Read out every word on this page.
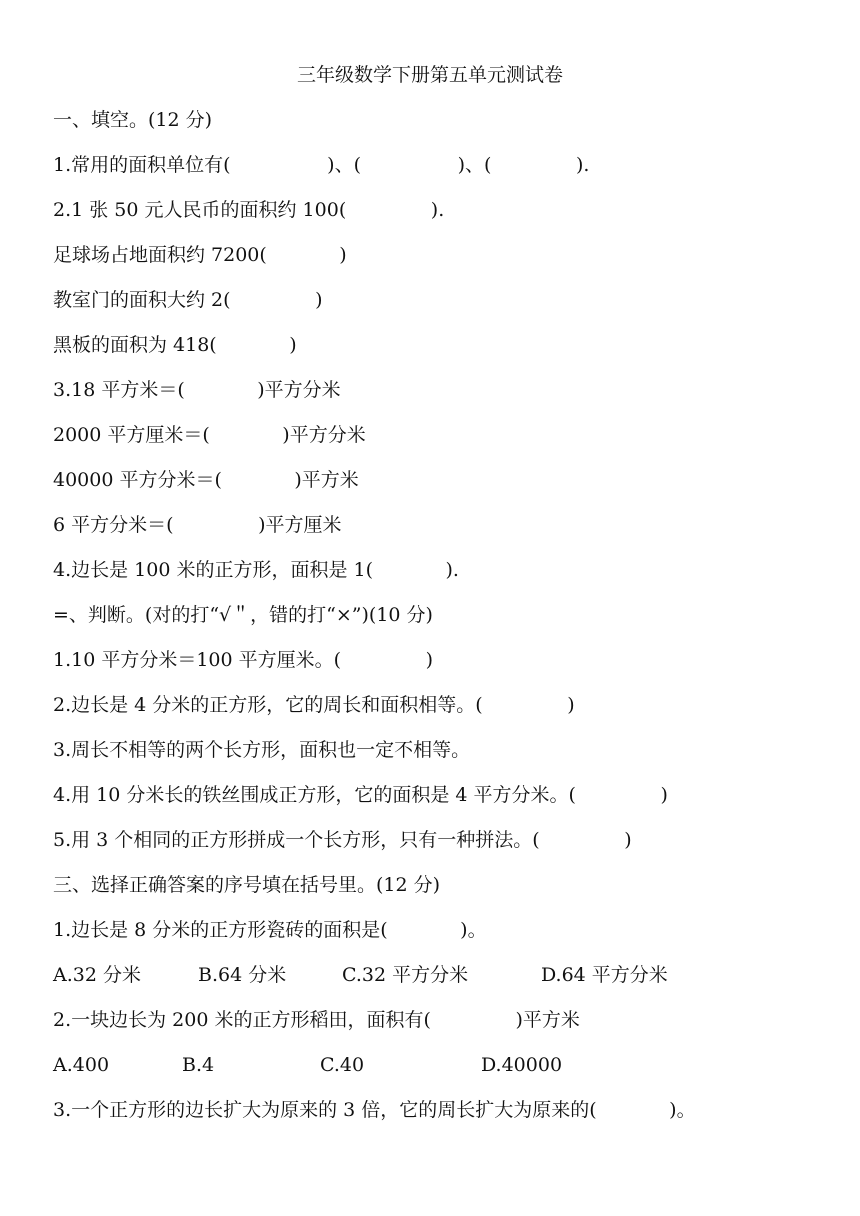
三年级数学下册第五单元测试卷
一、填空。(12 分)
1.常用的面积单位有(                )、(                )、(              ).
2.1 张 50 元人民币的面积约 100(              ).
足球场占地面积约 7200(            )
教室门的面积大约 2(              )
黑板的面积为 418(            )
3.18 平方米＝(            )平方分米
2000 平方厘米＝(            )平方分米
40000 平方分米＝(            )平方米
6 平方分米＝(              )平方厘米
4.边长是 100 米的正方形，面积是 1(            ).
=、判断。(对的打“√＂，错的打“×”)(10 分)
1.10 平方分米＝100 平方厘米。(              )
2.边长是 4 分米的正方形，它的周长和面积相等。(              )
3.周长不相等的两个长方形，面积也一定不相等。
4.用 10 分米长的铁丝围成正方形，它的面积是 4 平方分米。(              )
5.用 3 个相同的正方形拼成一个长方形，只有一种拼法。(              )
三、选择正确答案的序号填在括号里。(12 分)
1.边长是 8 分米的正方形瓷砖的面积是(            )。
A.32 分米	B.64 分米	C.32 平方分米	D.64 平方分米
2.一块边长为 200 米的正方形稻田，面积有(              )平方米
A.400	B.4	C.40	D.40000
3.一个正方形的边长扩大为原来的 3 倍，它的周长扩大为原来的(            )。
